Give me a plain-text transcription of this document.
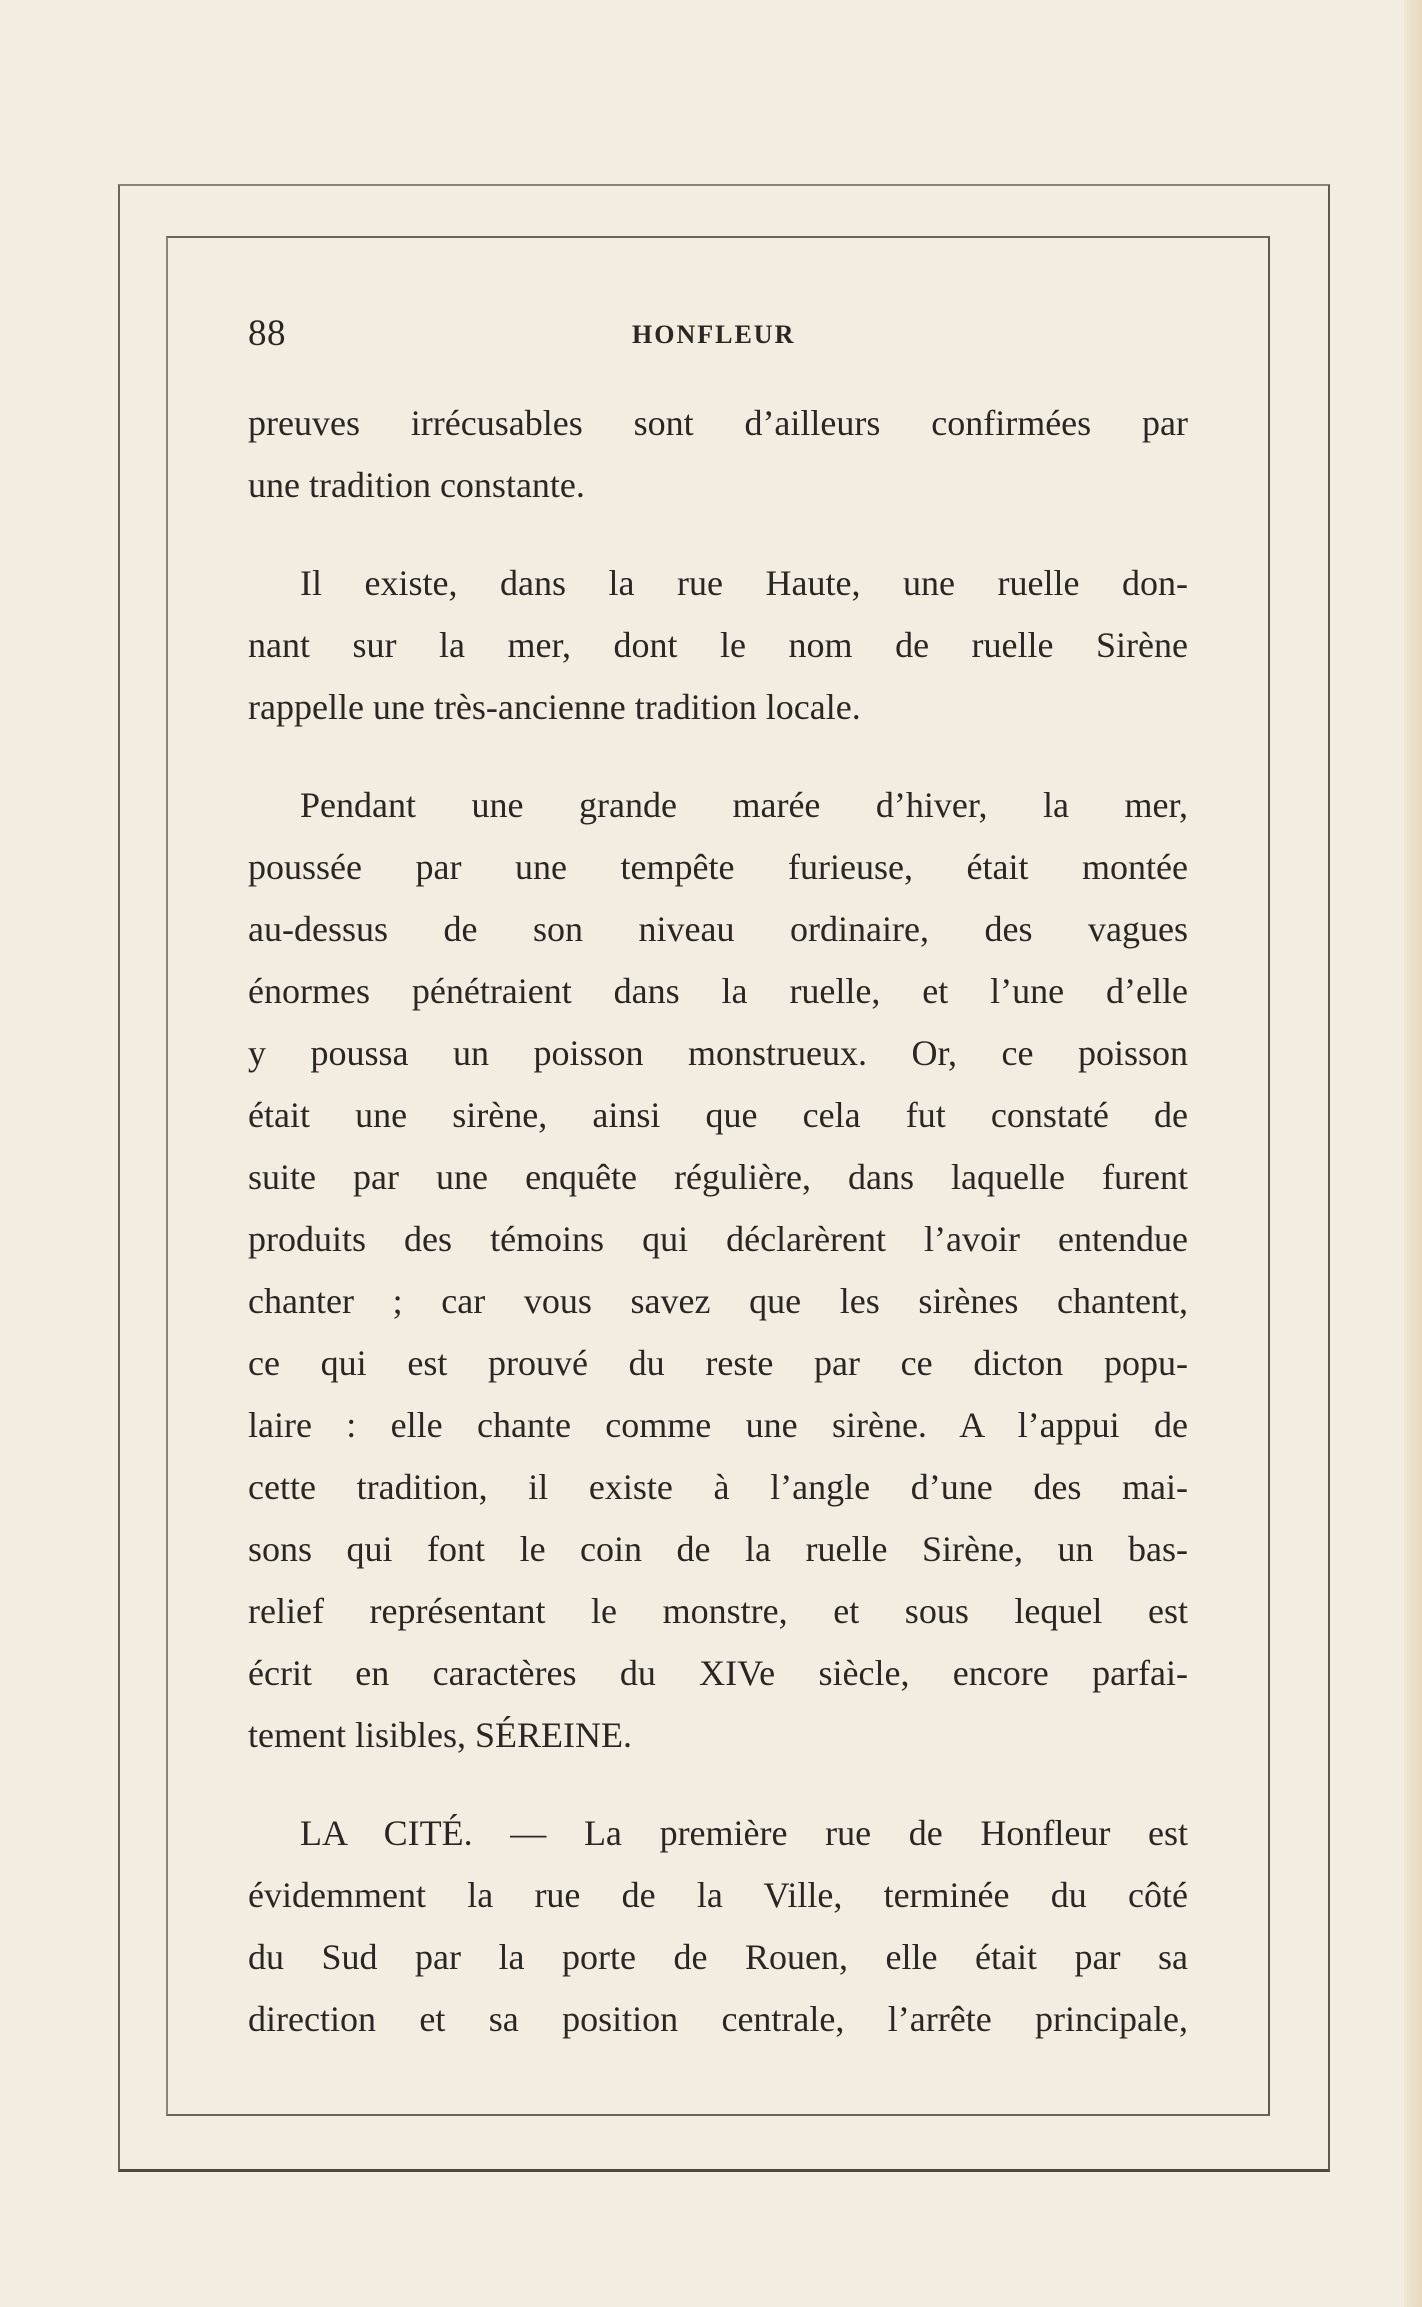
88	HONFLEUR
preuves irrécusables sont d’ailleurs confirmées par
une tradition constante.
Il existe, dans la rue Haute, une ruelle don-
nant sur la mer, dont le nom de ruelle Sirène
rappelle une très-ancienne tradition locale.
Pendant une grande marée d’hiver, la mer,
poussée par une tempête furieuse, était montée
au-dessus de son niveau ordinaire, des vagues
énormes pénétraient dans la ruelle, et l’une d’elle
y poussa un poisson monstrueux. Or, ce poisson
était une sirène, ainsi que cela fut constaté de
suite par une enquête régulière, dans laquelle furent
produits des témoins qui déclarèrent l’avoir entendue
chanter ; car vous savez que les sirènes chantent,
ce qui est prouvé du reste par ce dicton popu-
laire : elle chante comme une sirène. A l’appui de
cette tradition, il existe à l’angle d’une des mai-
sons qui font le coin de la ruelle Sirène, un bas-
relief représentant le monstre, et sous lequel est
écrit en caractères du XIVe siècle, encore parfai-
tement lisibles, SÉREINE.
LA CITÉ. — La première rue de Honfleur est
évidemment la rue de la Ville, terminée du côté
du Sud par la porte de Rouen, elle était par sa
direction et sa position centrale, l’arrête principale,
